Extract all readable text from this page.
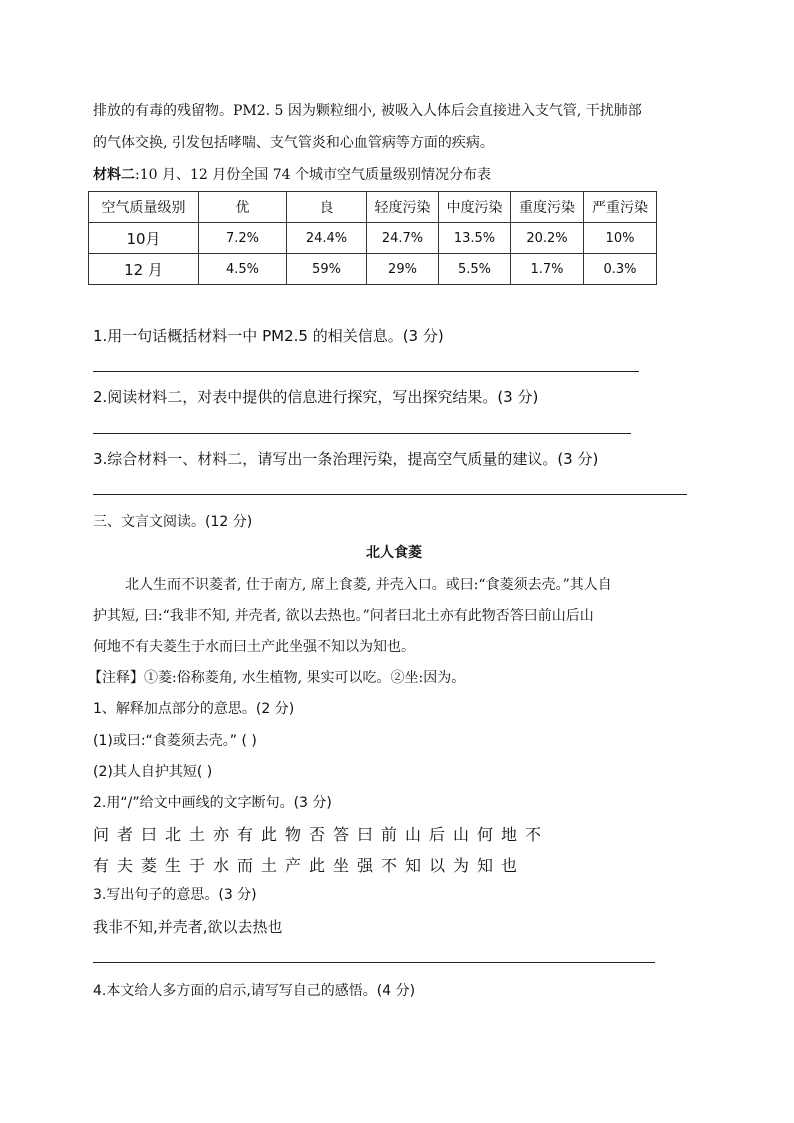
排放的有毒的残留物。PM2. 5 因为颗粒细小, 被吸入人体后会直接进入支气管, 干扰肺部
的气体交换, 引发包括哮喘、支气管炎和心血管病等方面的疾病。
材料二:10 月、12 月份全国 74 个城市空气质量级别情况分布表
空气质量级别	优	良	轻度污染	中度污染	重度污染	严重污染
10月	7.2%	24.4%	24.7%	13.5%	20.2%	10%
12 月	4.5%	59%	29%	5.5%	1.7%	0.3%
1.用一句话概括材料一中 PM2.5 的相关信息。(3 分)
2.阅读材料二，对表中提供的信息进行探究，写出探究结果。(3 分)
3.综合材料一、材料二，请写出一条治理污染，提高空气质量的建议。(3 分)
三、文言文阅读。(12 分)
北人食菱
北人生而不识菱者, 仕于南方, 席上食菱, 并壳入口。或曰:“食菱须去壳。”其人自
护其短, 曰:“我非不知, 并壳者, 欲以去热也。”问者曰北土亦有此物否答曰前山后山
何地不有夫菱生于水而曰土产此坐强不知以为知也。
【注释】①菱:俗称菱角, 水生植物, 果实可以吃。②坐:因为。
1、解释加点部分的意思。(2 分)
(1)或曰:“食菱须去壳。” ( )
(2)其人自护其短( )
2.用“/”给文中画线的文字断句。(3 分)
问者曰北土亦有此物否答曰前山后山何地不
有夫菱生于水而土产此坐强不知以为知也
3.写出句子的意思。(3 分)
我非不知,并壳者,欲以去热也
4.本文给人多方面的启示,请写写自己的感悟。(4 分)
